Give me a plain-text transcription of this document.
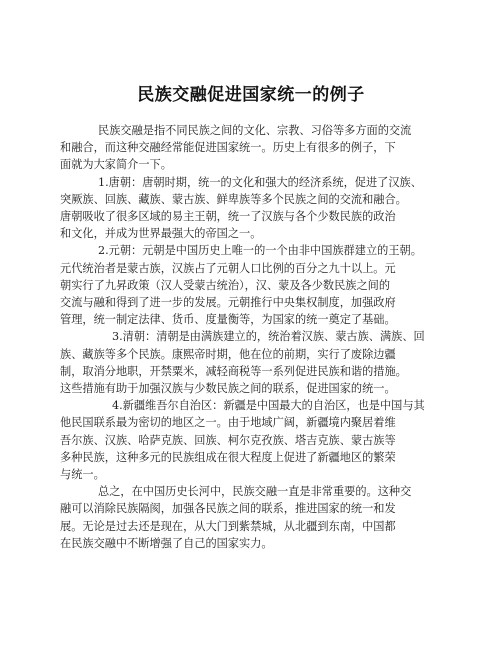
民族交融促进国家统一的例子
民族交融是指不同民族之间的文化、宗教、习俗等多方面的交流
和融合，而这种交融经常能促进国家统一。历史上有很多的例子，下
面就为大家简介一下。
1.唐朝：唐朝时期，统一的文化和强大的经济系统，促进了汉族、
突厥族、回族、藏族、蒙古族、鲜卑族等多个民族之间的交流和融合。
唐朝吸收了很多区域的易主王朝，统一了汉族与各个少数民族的政治
和文化，并成为世界最强大的帝国之一。
2.元朝：元朝是中国历史上唯一的一个由非中国族群建立的王朝。
元代统治者是蒙古族，汉族占了元朝人口比例的百分之九十以上。元
朝实行了九昇政策（汉人受蒙古统治），汉、蒙及各少数民族之间的
交流与融和得到了进一步的发展。元朝推行中央集权制度，加强政府
管理，统一制定法律、货币、度量衡等，为国家的统一奠定了基础。
3.清朝：清朝是由满族建立的，统治着汉族、蒙古族、满族、回
族、藏族等多个民族。康熙帝时期，他在位的前期，实行了废除边疆
制，取消分地职，开禁粟米，减轻商税等一系列促进民族和谐的措施。
这些措施有助于加强汉族与少数民族之间的联系，促进国家的统一。
4.新疆维吾尔自治区：新疆是中国最大的自治区，也是中国与其
他民国联系最为密切的地区之一。由于地域广阔，新疆境内聚居着维
吾尔族、汉族、哈萨克族、回族、柯尔克孜族、塔吉克族、蒙古族等
多种民族，这种多元的民族组成在很大程度上促进了新疆地区的繁荣
与统一。
总之，在中国历史长河中，民族交融一直是非常重要的。这种交
融可以消除民族隔阂，加强各民族之间的联系，推进国家的统一和发
展。无论是过去还是现在，从大门到紫禁城，从北疆到东南，中国都
在民族交融中不断增强了自己的国家实力。
